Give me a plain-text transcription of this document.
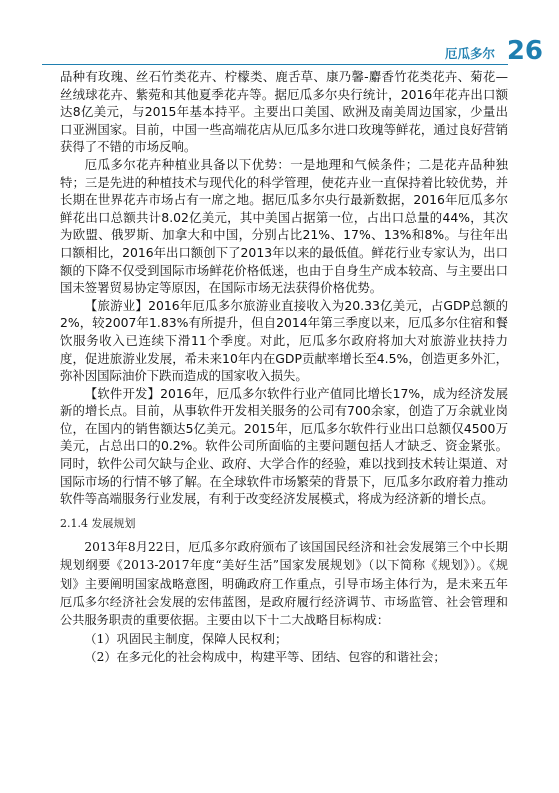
厄瓜多尔 26

品种有玫瑰、丝石竹类花卉、柠檬类、鹿舌草、康乃馨-麝香竹花类花卉、菊花—丝绒球花卉、紫菀和其他夏季花卉等。据厄瓜多尔央行统计，2016年花卉出口额达8亿美元，与2015年基本持平。主要出口美国、欧洲及南美周边国家，少量出口亚洲国家。目前，中国一些高端花店从厄瓜多尔进口玫瑰等鲜花，通过良好营销获得了不错的市场反响。

厄瓜多尔花卉种植业具备以下优势：一是地理和气候条件；二是花卉品种独特；三是先进的种植技术与现代化的科学管理，使花卉业一直保持着比较优势，并长期在世界花卉市场占有一席之地。据厄瓜多尔央行最新数据，2016年厄瓜多尔鲜花出口总额共计8.02亿美元，其中美国占据第一位，占出口总量的44%，其次为欧盟、俄罗斯、加拿大和中国，分别占比21%、17%、13%和8%。与往年出口额相比，2016年出口额创下了2013年以来的最低值。鲜花行业专家认为，出口额的下降不仅受到国际市场鲜花价格低迷，也由于自身生产成本较高、与主要出口国未签署贸易协定等原因，在国际市场无法获得价格优势。

【旅游业】2016年厄瓜多尔旅游业直接收入为20.33亿美元，占GDP总额的2%，较2007年1.83%有所提升，但自2014年第三季度以来，厄瓜多尔住宿和餐饮服务收入已连续下滑11个季度。对此，厄瓜多尔政府将加大对旅游业扶持力度，促进旅游业发展，希未来10年内在GDP贡献率增长至4.5%，创造更多外汇，弥补因国际油价下跌而造成的国家收入损失。

【软件开发】2016年，厄瓜多尔软件行业产值同比增长17%，成为经济发展新的增长点。目前，从事软件开发相关服务的公司有700余家，创造了万余就业岗位，在国内的销售额达5亿美元。2015年，厄瓜多尔软件行业出口总额仅4500万美元，占总出口的0.2%。软件公司所面临的主要问题包括人才缺乏、资金紧张。同时，软件公司欠缺与企业、政府、大学合作的经验，难以找到技术转让渠道、对国际市场的行情不够了解。在全球软件市场繁荣的背景下，厄瓜多尔政府着力推动软件等高端服务行业发展，有利于改变经济发展模式，将成为经济新的增长点。

2.1.4 发展规划

2013年8月22日，厄瓜多尔政府颁布了该国国民经济和社会发展第三个中长期规划纲要《2013-2017年度“美好生活”国家发展规划》（以下简称《规划》）。《规划》主要阐明国家战略意图，明确政府工作重点，引导市场主体行为，是未来五年厄瓜多尔经济社会发展的宏伟蓝图，是政府履行经济调节、市场监管、社会管理和公共服务职责的重要依据。主要由以下十二大战略目标构成：

（1）巩固民主制度，保障人民权利；

（2）在多元化的社会构成中，构建平等、团结、包容的和谐社会；
